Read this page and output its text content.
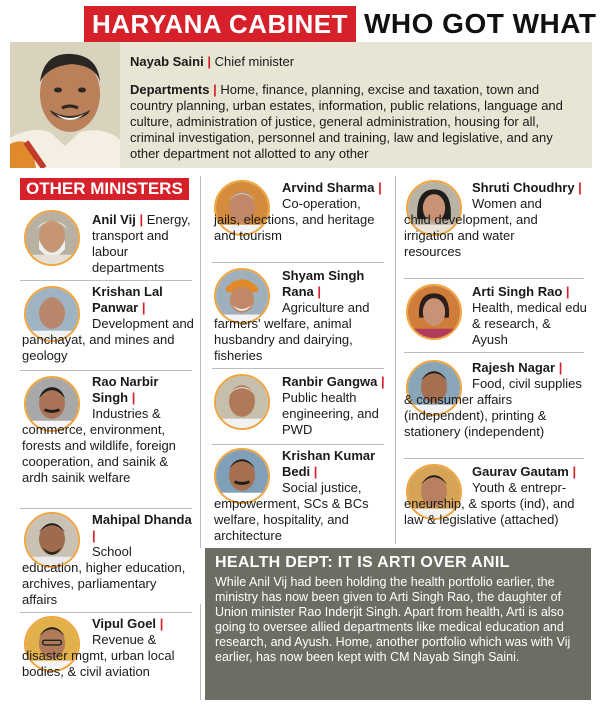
HARYANA CABINET WHO GOT WHAT
Nayab Saini | Chief minister
Departments | Home, finance, planning, excise and taxation, town and country planning, urban estates, information, public relations, language and culture, administration of justice, general administration, housing for all, criminal investigation, personnel and training, law and legislative, and any other department not allotted to any other
OTHER MINISTERS
Anil Vij | Energy, transport and labour departments
Krishan Lal Panwar |
Development and panchayat, and mines and geology
Rao Narbir Singh |
Industries & commerce, environment, forests and wildlife, foreign cooperation, and sainik & ardh sainik welfare
Mahipal Dhanda |
School education, higher education, archives, parliamentary affairs
Vipul Goel |
Revenue & disaster mgmt, urban local bodies, & civil aviation
Arvind Sharma |
Co-operation, jails, elections, and heritage and tourism
Shyam Singh Rana |
Agriculture and farmers' welfare, animal husbandry and dairying, fisheries
Ranbir Gangwa | Public health engineering, and PWD
Krishan Kumar Bedi |
Social justice, empowerment, SCs & BCs welfare, hospitality, and architecture
Shruti Choudhry |
Women and child development, and irrigation and water resources
Arti Singh Rao | Health, medical edu & research, & Ayush
Rajesh Nagar |
Food, civil supplies & consumer affairs (independent), printing & stationery (independent)
Gaurav Gautam |
Youth & entrepr-eneurship, & sports (ind), and law & legislative (attached)
HEALTH DEPT: IT IS ARTI OVER ANIL
While Anil Vij had been holding the health portfolio earlier, the ministry has now been given to Arti Singh Rao, the daughter of Union minister Rao Inderjit Singh. Apart from health, Arti is also going to oversee allied departments like medical education and research, and Ayush. Home, another portfolio which was with Vij earlier, has now been kept with CM Nayab Singh Saini.
